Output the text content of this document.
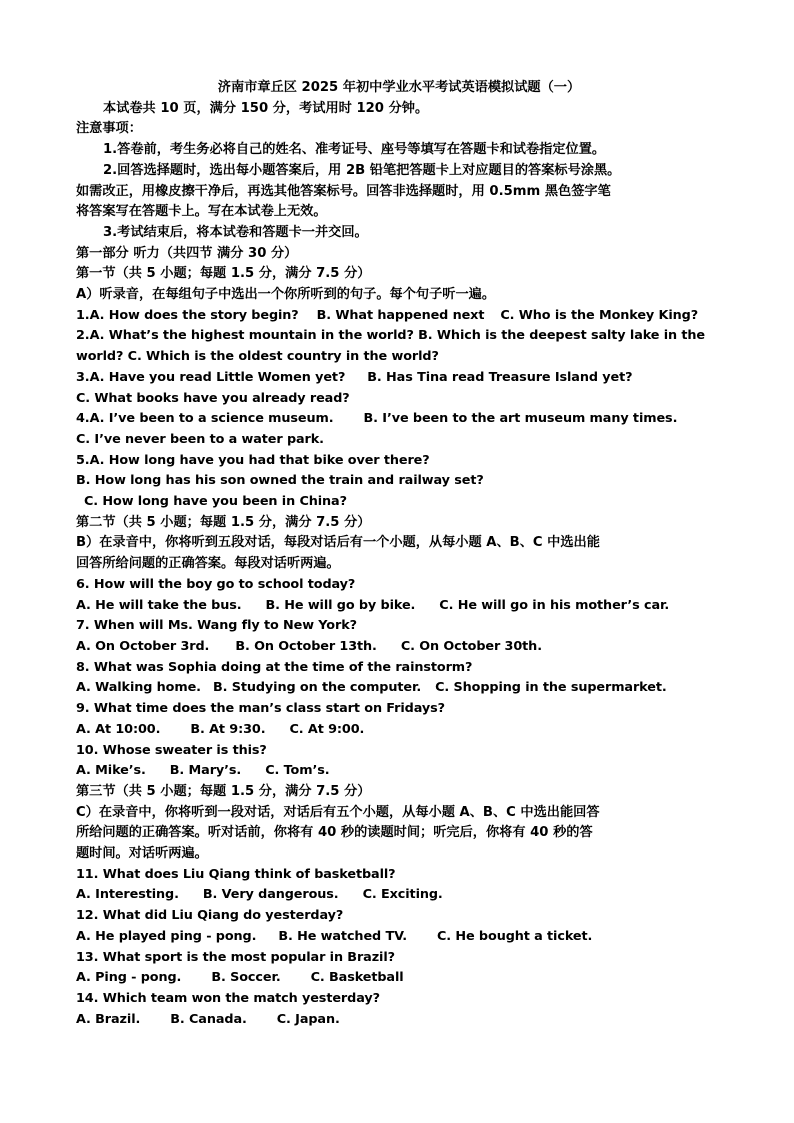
济南市章丘区 2025 年初中学业水平考试英语模拟试题（一）
本试卷共 10 页，满分 150 分，考试用时 120 分钟。
注意事项：
1.答卷前，考生务必将自己的姓名、准考证号、座号等填写在答题卡和试卷指定位置。
2.回答选择题时，选出每小题答案后，用 2B 铅笔把答题卡上对应题目的答案标号涂黑。
如需改正，用橡皮擦干净后，再选其他答案标号。回答非选择题时，用 0.5mm 黑色签字笔
将答案写在答题卡上。写在本试卷上无效。
3.考试结束后，将本试卷和答题卡一并交回。
第一部分 听力（共四节 满分 30 分）
第一节（共 5 小题；每题 1.5 分，满分 7.5 分）
A）听录音，在每组句子中选出一个你所听到的句子。每个句子听一遍。
1.A. How does the story begin? B. What happened next C. Who is the Monkey King?
2.A. What’s the highest mountain in the world? B. Which is the deepest salty lake in the
world? C. Which is the oldest country in the world?
3.A. Have you read Little Women yet? B. Has Tina read Treasure Island yet?
C. What books have you already read?
4.A. I’ve been to a science museum. B. I’ve been to the art museum many times.
C. I’ve never been to a water park.
5.A. How long have you had that bike over there?
B. How long has his son owned the train and railway set?
C. How long have you been in China?
第二节（共 5 小题；每题 1.5 分，满分 7.5 分）
B）在录音中，你将听到五段对话，每段对话后有一个小题，从每小题 A、B、C 中选出能
回答所给问题的正确答案。每段对话听两遍。
6. How will the boy go to school today?
A. He will take the bus. B. He will go by bike. C. He will go in his mother’s car.
7. When will Ms. Wang fly to New York?
A. On October 3rd. B. On October 13th. C. On October 30th.
8. What was Sophia doing at the time of the rainstorm?
A. Walking home. B. Studying on the computer. C. Shopping in the supermarket.
9. What time does the man’s class start on Fridays?
A. At 10:00. B. At 9:30. C. At 9:00.
10. Whose sweater is this?
A. Mike’s. B. Mary’s. C. Tom’s.
第三节（共 5 小题；每题 1.5 分，满分 7.5 分）
C）在录音中，你将听到一段对话，对话后有五个小题，从每小题 A、B、C 中选出能回答
所给问题的正确答案。听对话前，你将有 40 秒的读题时间；听完后，你将有 40 秒的答
题时间。对话听两遍。
11. What does Liu Qiang think of basketball?
A. Interesting. B. Very dangerous. C. Exciting.
12. What did Liu Qiang do yesterday?
A. He played ping - pong. B. He watched TV. C. He bought a ticket.
13. What sport is the most popular in Brazil?
A. Ping - pong. B. Soccer. C. Basketball
14. Which team won the match yesterday?
A. Brazil. B. Canada. C. Japan.
